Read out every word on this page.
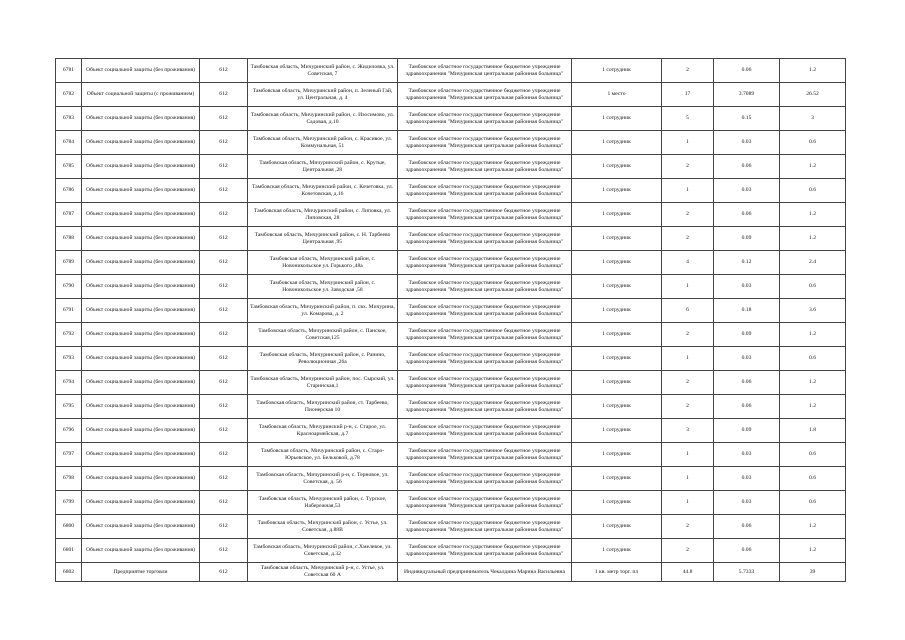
6781	Объект социальной защиты (без проживания)	612	Тамбовская область, Мичуринский район, с. Жидиловка, ул. Советская, 7	Тамбовское областное государственное бюджетное учреждение здравоохранения "Мичуринская центральная районная больница"	1 сотрудник	2	0.06	1.2
6782	Объект социальной защиты (с проживанием)	612	Тамбовская область, Мичуринский район, п. Зеленый Гай, ул. Центральная, д. 4	Тамбовское областное государственное бюджетное учреждение здравоохранения "Мичуринская центральная районная больница"	1 место	17	3.7089	26.52
6783	Объект социальной защиты (без проживания)	612	Тамбовская область, Мичуринский район, с. Изосимово, ул. Садовая, д.10	Тамбовское областное государственное бюджетное учреждение здравоохранения "Мичуринская центральная районная больница"	1 сотрудник	5	0.15	3
6784	Объект социальной защиты (без проживания)	612	Тамбовская область, Мичуринский район, с. Красивое, ул. Коммунальная, 51	Тамбовское областное государственное бюджетное учреждение здравоохранения "Мичуринская центральная районная больница"	1 сотрудник	1	0.03	0.6
6785	Объект социальной защиты (без проживания)	612	Тамбовская область, Мичуринский район, с. Крутые, Центральная ,28	Тамбовское областное государственное бюджетное учреждение здравоохранения "Мичуринская центральная районная больница"	1 сотрудник	2	0.06	1.2
6786	Объект социальной защиты (без проживания)	612	Тамбовская область, Мичуринский район, с. Кочетовка, ул. Кочетовская, д.16	Тамбовское областное государственное бюджетное учреждение здравоохранения "Мичуринская центральная районная больница"	1 сотрудник	1	0.03	0.6
6787	Объект социальной защиты (без проживания)	612	Тамбовская область, Мичуринский район, с. Липовка, ул. Липовская, 28	Тамбовское областное государственное бюджетное учреждение здравоохранения "Мичуринская центральная районная больница"	1 сотрудник	2	0.06	1.2
6788	Объект социальной защиты (без проживания)	612	Тамбовская область, Мичуринский район, с. Н. Тарбеево Центральная ,95	Тамбовское областное государственное бюджетное учреждение здравоохранения "Мичуринская центральная районная больница"	1 сотрудник	2	0.09	1.2
6789	Объект социальной защиты (без проживания)	612	Тамбовская область, Мичуринский район, с. Новоникольское ул. Горького ,48а	Тамбовское областное государственное бюджетное учреждение здравоохранения "Мичуринская центральная районная больница"	1 сотрудник	4	0.12	2.4
6790	Объект социальной защиты (без проживания)	612	Тамбовская область, Мичуринский район, с. Новоникольское ул. Заводская ,58	Тамбовское областное государственное бюджетное учреждение здравоохранения "Мичуринская центральная районная больница"	1 сотрудник	1	0.03	0.6
6791	Объект социальной защиты (без проживания)	612	Тамбовская область, Мичуринский район, п. свх. Мичурина, ул. Комарова, д. 2	Тамбовское областное государственное бюджетное учреждение здравоохранения "Мичуринская центральная районная больница"	1 сотрудник	6	0.18	3.6
6792	Объект социальной защиты (без проживания)	612	Тамбовская область, Мичуринский район, с. Панское, Советская,125	Тамбовское областное государственное бюджетное учреждение здравоохранения "Мичуринская центральная районная больница"	1 сотрудник	2	0.09	1.2
6793	Объект социальной защиты (без проживания)	612	Тамбовская область, Мичуринский район, с. Ранино, Революционная ,26а	Тамбовское областное государственное бюджетное учреждение здравоохранения "Мичуринская центральная районная больница"	1 сотрудник	1	0.03	0.6
6794	Объект социальной защиты (без проживания)	612	Тамбовская область, Мичуринский район, пос. Сырский, ул. Старинская,1	Тамбовское областное государственное бюджетное учреждение здравоохранения "Мичуринская центральная районная больница"	1 сотрудник	2	0.06	1.2
6795	Объект социальной защиты (без проживания)	612	Тамбовская область, Мичуринский район, ст. Тарбеево, Пионерская 10	Тамбовское областное государственное бюджетное учреждение здравоохранения "Мичуринская центральная районная больница"	1 сотрудник	2	0.06	1.2
6796	Объект социальной защиты (без проживания)	612	Тамбовская область, Мичуринский р-н, с. Старое, ул. Красноармейская, д.7	Тамбовское областное государственное бюджетное учреждение здравоохранения "Мичуринская центральная районная больница"	1 сотрудник	3	0.09	1.8
6797	Объект социальной защиты (без проживания)	612	Тамбовская область, Мичуринский район, с. Старо-Юрьевское, ул. Бельковой, д.78	Тамбовское областное государственное бюджетное учреждение здравоохранения "Мичуринская центральная районная больница"	1 сотрудник	1	0.03	0.6
6798	Объект социальной защиты (без проживания)	612	Тамбовская область, Мичуринский р-н, с. Терновое, ул. Советская, д. 56	Тамбовское областное государственное бюджетное учреждение здравоохранения "Мичуринская центральная районная больница"	1 сотрудник	1	0.03	0.6
6799	Объект социальной защиты (без проживания)	612	Тамбовская область, Мичуринский район, с. Турское, Набережная,53	Тамбовское областное государственное бюджетное учреждение здравоохранения "Мичуринская центральная районная больница"	1 сотрудник	1	0.03	0.6
6800	Объект социальной защиты (без проживания)	612	Тамбовская область, Мичуринский район, с. Устье, ул. Советская, д.88В	Тамбовское областное государственное бюджетное учреждение здравоохранения "Мичуринская центральная районная больница"	1 сотрудник	2	0.06	1.2
6801	Объект социальной защиты (без проживания)	612	Тамбовская область, Мичуринский район, с.Хмелевое, ул. Советская, д.32	Тамбовское областное государственное бюджетное учреждение здравоохранения "Мичуринская центральная районная больница"	1 сотрудник	2	0.06	1.2
6802	Предприятие торговли	612	Тамбовская область, Мичуринский р-н, с. Устье, ул. Советская 60 А	Индивидуальный предприниматель Чекалдина Марина Васильевна	1 кв. метр торг. пл	44.8	5.7333	39
